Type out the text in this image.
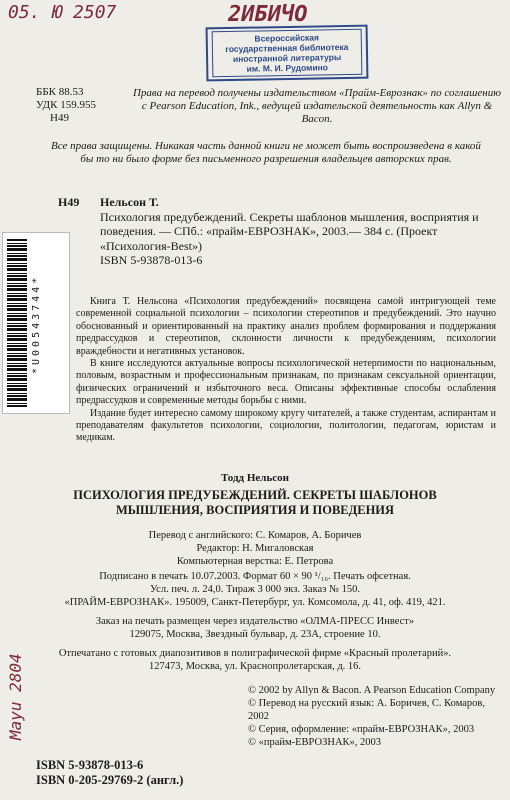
05. Ю 2507	2ИБИЧО
Mayu 2804
Всероссийская
государственная библиотека
иностранной литературы
им. М. И. Рудомино
ББК 88.53
УДК 159.955
Н49
Права на перевод получены издательством «Прайм-Еврознак» по соглашению с Pearson Education, Ink., ведущей издательской деятельность как Allyn & Bacon.
Все права защищены. Никакая часть данной книги не может быть воспроизведена в какой бы то ни было форме без письменного разрешения владельцев авторских прав.
Н49 Нельсон Т.
Психология предубеждений. Секреты шаблонов мышления, восприятия и поведения. — СПб.: «прайм-ЕВРОЗНАК», 2003.— 384 с. (Проект «Психология-Best»)
ISBN 5-93878-013-6
*U00543744*	Книга Т. Нельсона «Психология предубеждений» посвящена самой интригующей теме современной социальной психологии – психологии стереотипов и предубеждений. Это научно обоснованный и ориентированный на практику анализ проблем формирования и поддержания предрассудков и стереотипов, склонности личности к предубеждениям, психологии враждебности и негативных установок.

В книге исследуются актуальные вопросы психологической нетерпимости по национальным, половым, возрастным и профессиональным признакам, по признакам сексуальной ориентации, физических ограничений и избыточного веса. Описаны эффективные способы ослабления предрассудков и современные методы борьбы с ними.

Издание будет интересно самому широкому кругу читателей, а также студентам, аспирантам и преподавателям факультетов психологии, социологии, политологии, педагогам, юристам и медикам.

Тодд Нельсон
ПСИХОЛОГИЯ ПРЕДУБЕЖДЕНИЙ. СЕКРЕТЫ ШАБЛОНОВ
МЫШЛЕНИЯ, ВОСПРИЯТИЯ И ПОВЕДЕНИЯ
Перевод с английского: С. Комаров, А. Боричев
Редактор: Н. Мигаловская
Компьютерная верстка: Е. Петрова
Подписано в печать 10.07.2003. Формат 60 × 90 ¹/₁₆. Печать офсетная.
Усл. печ. л. 24,0. Тираж 3 000 экз. Заказ № 150.
«ПРАЙМ-ЕВРОЗНАК». 195009, Санкт-Петербург, ул. Комсомола, д. 41, оф. 419, 421.
Заказ на печать размещен через издательство «ОЛМА-ПРЕСС Инвест»
129075, Москва, Звездный бульвар, д. 23А, строение 10.
Отпечатано с готовых диапозитивов в полиграфической фирме «Красный пролетарий».
127473, Москва, ул. Краснопролетарская, д. 16.
ISBN 5-93878-013-6
ISBN 0-205-29769-2 (англ.)
© 2002 by Allyn & Bacon. A Pearson Education Company
© Перевод на русский язык: А. Боричев, С. Комаров, 2002
© Серия, оформление: «прайм-ЕВРОЗНАК», 2003
© «прайм-ЕВРОЗНАК», 2003
